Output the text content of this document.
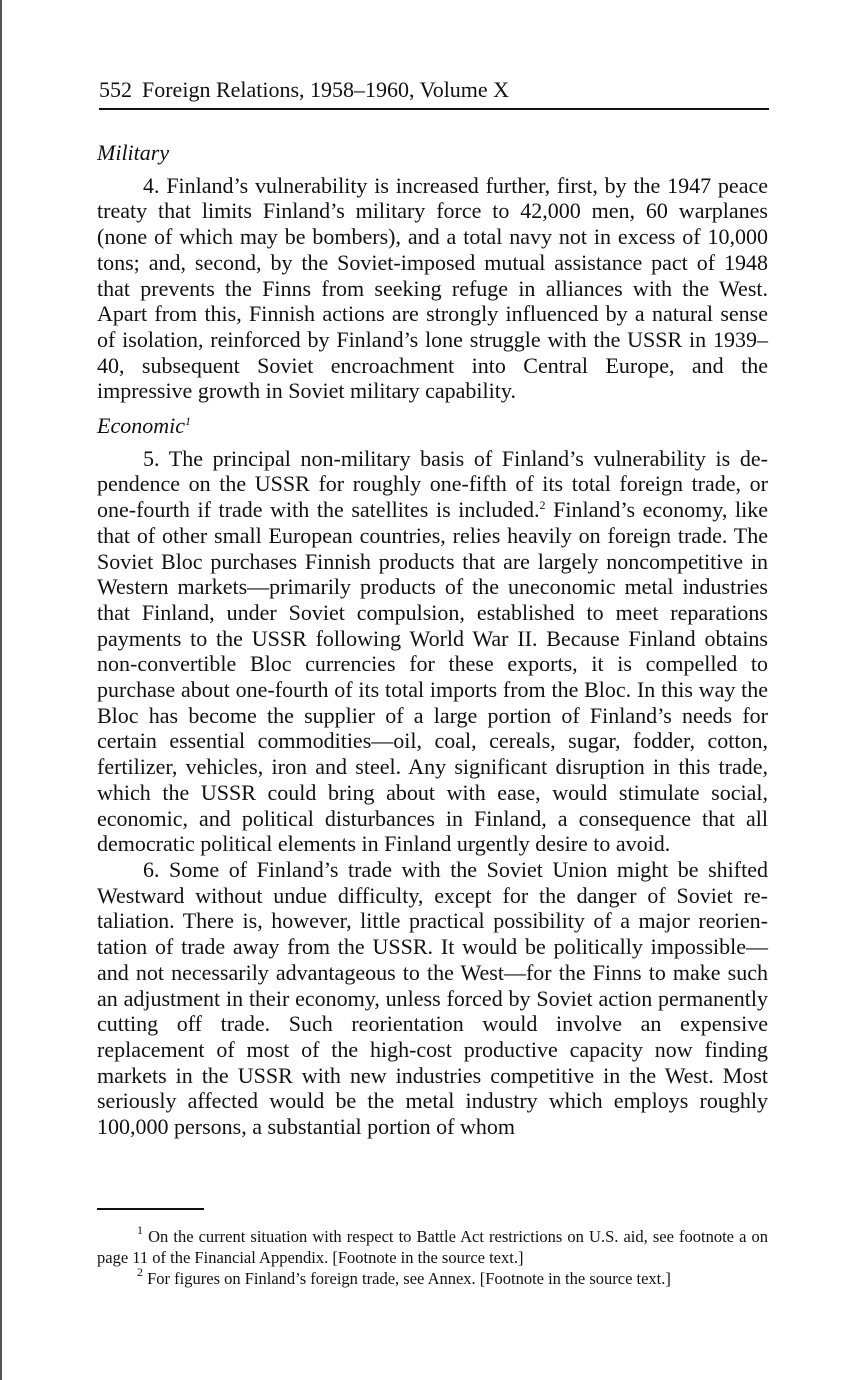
552 Foreign Relations, 1958–1960, Volume X
Military

4. Finland’s vulnerability is increased further, first, by the 1947 peace treaty that limits Finland’s military force to 42,000 men, 60 warplanes (none of which may be bombers), and a total navy not in excess of 10,000 tons; and, second, by the Soviet-imposed mutual assistance pact of 1948 that prevents the Finns from seeking refuge in alliances with the West. Apart from this, Finnish actions are strongly influenced by a natural sense of isolation, reinforced by Finland’s lone struggle with the USSR in 1939–40, subsequent Soviet encroachment into Central Europe, and the impressive growth in Soviet military capability.

Economic$^1$

5. The principal non-military basis of Finland’s vulnerability is dependence on the USSR for roughly one-fifth of its total foreign trade, or one-fourth if trade with the satellites is included.$^2$ Finland’s economy, like that of other small European countries, relies heavily on foreign trade. The Soviet Bloc purchases Finnish products that are largely noncompetitive in Western markets—primarily products of the uneconomic metal industries that Finland, under Soviet compulsion, established to meet reparations payments to the USSR following World War II. Because Finland obtains non-convertible Bloc currencies for these exports, it is compelled to purchase about one-fourth of its total imports from the Bloc. In this way the Bloc has become the supplier of a large portion of Finland’s needs for certain essential commodities—oil, coal, cereals, sugar, fodder, cotton, fertilizer, vehicles, iron and steel. Any significant disruption in this trade, which the USSR could bring about with ease, would stimulate social, economic, and political disturbances in Finland, a consequence that all democratic political elements in Finland urgently desire to avoid.

6. Some of Finland’s trade with the Soviet Union might be shifted Westward without undue difficulty, except for the danger of Soviet retaliation. There is, however, little practical possibility of a major reorientation of trade away from the USSR. It would be politically impossible—and not necessarily advantageous to the West—for the Finns to make such an adjustment in their economy, unless forced by Soviet action permanently cutting off trade. Such reorientation would involve an expensive replacement of most of the high-cost productive capacity now finding markets in the USSR with new industries competitive in the West. Most seriously affected would be the metal industry which employs roughly 100,000 persons, a substantial portion of whom

$^1$ On the current situation with respect to Battle Act restrictions on U.S. aid, see footnote a on page 11 of the Financial Appendix. [Footnote in the source text.]

$^2$ For figures on Finland’s foreign trade, see Annex. [Footnote in the source text.]
